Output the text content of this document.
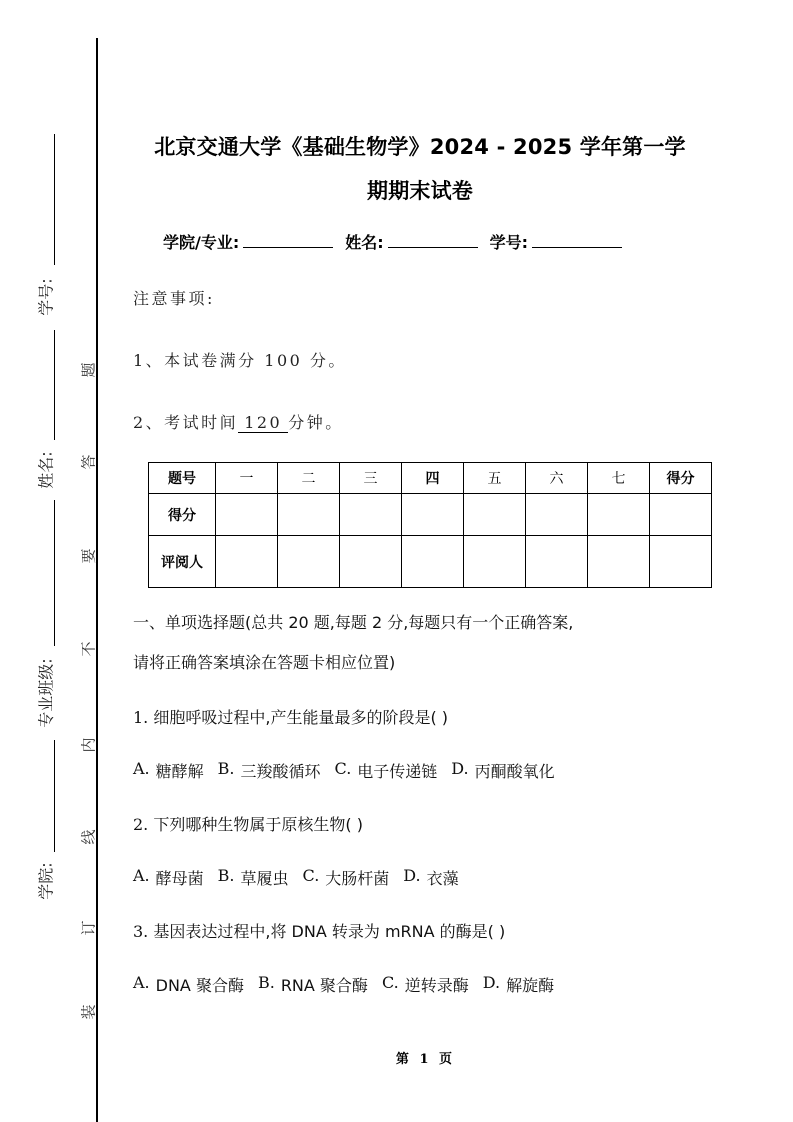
学号:
姓名:
专业班级:
学院:
题
答
要
不
内
线
订
装
北京交通大学《基础生物学》2024 - 2025 学年第一学
期期末试卷
学院/专业:	姓名:	学号:
注意事项:
1、本试卷满分 100 分。
2、考试时间 120 分钟。
题号	一	二	三	四	五	六	七	得分
得分								
评阅人								
一、单项选择题(总共 20 题,每题 2 分,每题只有一个正确答案,
请将正确答案填涂在答题卡相应位置)
1. 细胞呼吸过程中,产生能量最多的阶段是( )
A. 糖酵解 B. 三羧酸循环 C. 电子传递链 D. 丙酮酸氧化
2. 下列哪种生物属于原核生物( )
A. 酵母菌 B. 草履虫 C. 大肠杆菌 D. 衣藻
3. 基因表达过程中,将 DNA 转录为 mRNA 的酶是( )
A. DNA 聚合酶 B. RNA 聚合酶 C. 逆转录酶 D. 解旋酶
第 1 页
